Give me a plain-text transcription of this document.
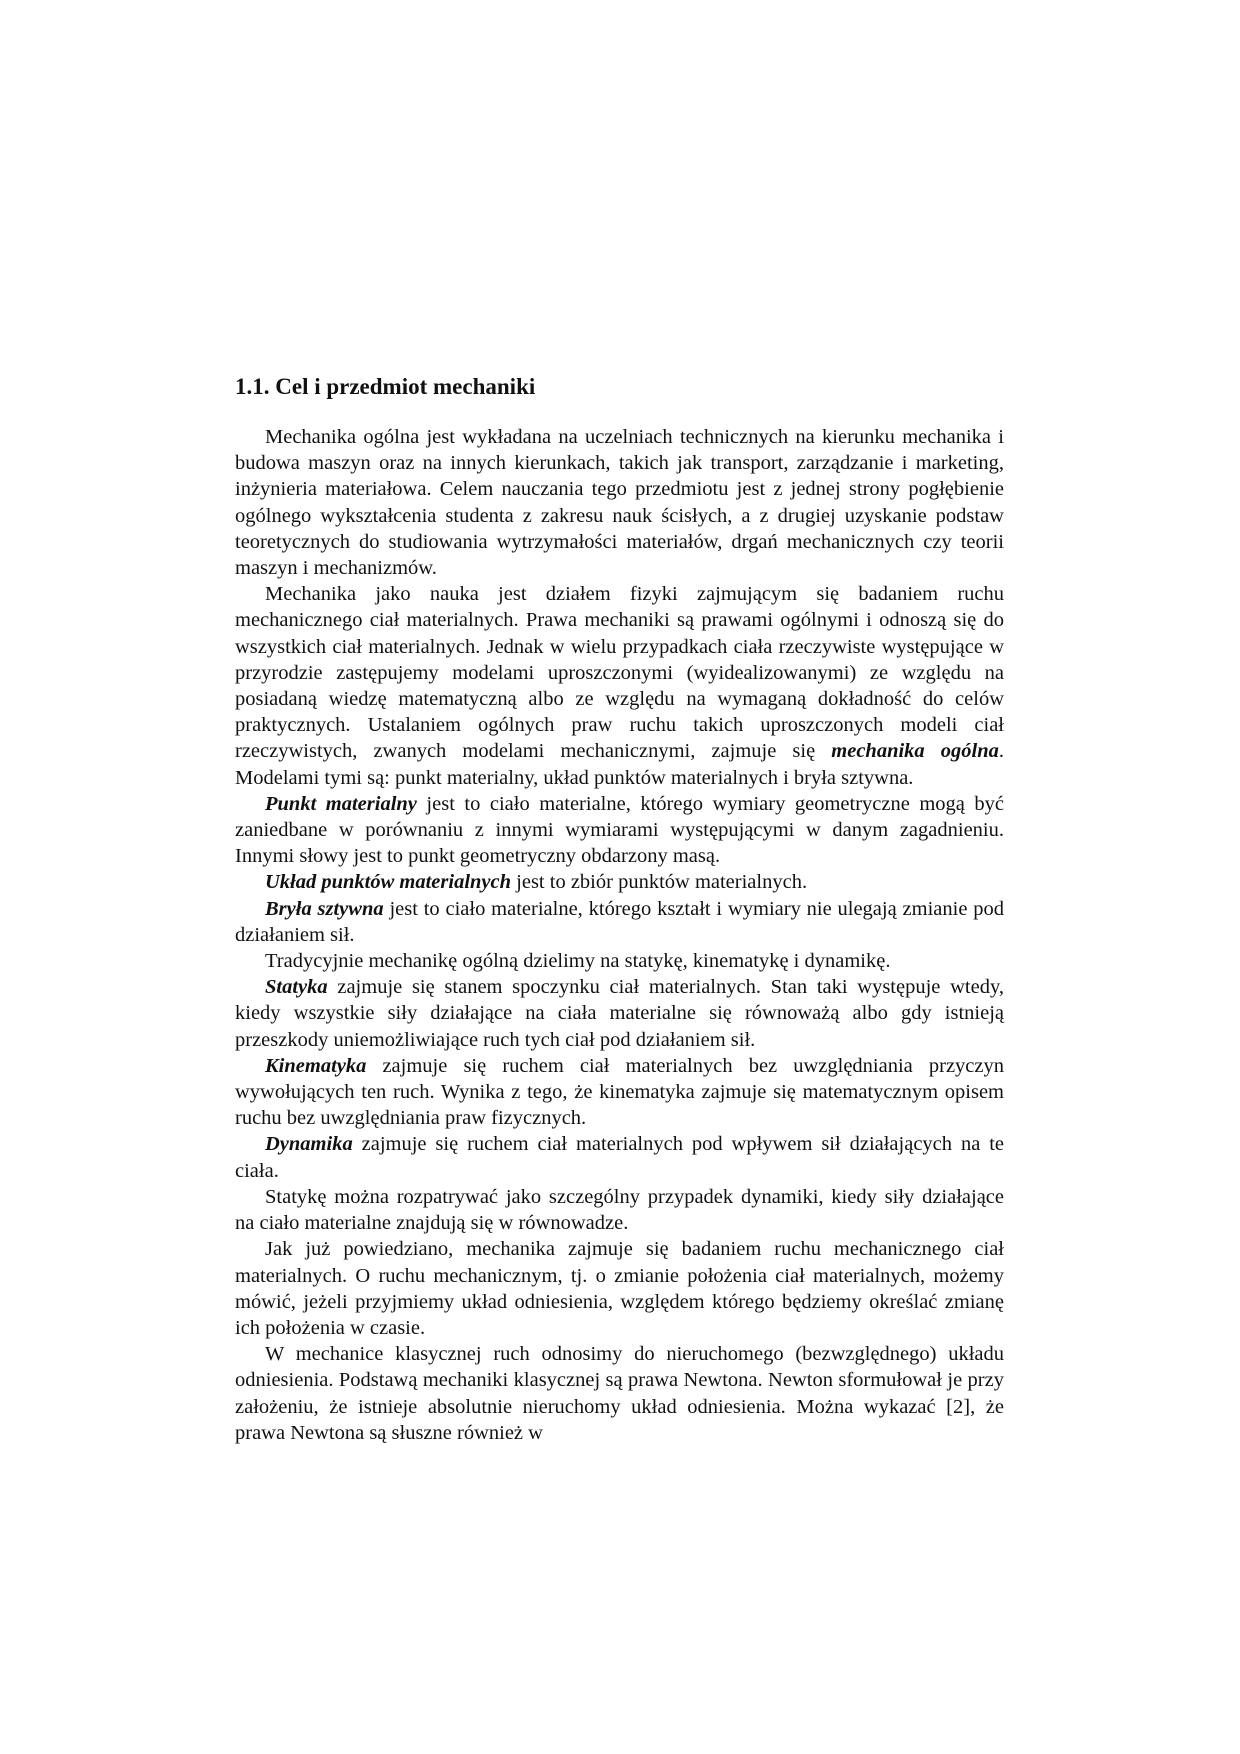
1.1. Cel i przedmiot mechaniki

Mechanika ogólna jest wykładana na uczelniach technicznych na kierunku mechanika i budowa maszyn oraz na innych kierunkach, takich jak transport, zarządzanie i marketing, inżynieria materiałowa. Celem nauczania tego przedmiotu jest z jednej strony pogłębienie ogólnego wykształcenia studenta z zakresu nauk ścisłych, a z drugiej uzyskanie podstaw teoretycznych do studiowania wytrzymałości materiałów, drgań mechanicznych czy teorii maszyn i mechanizmów.

Mechanika jako nauka jest działem fizyki zajmującym się badaniem ruchu mechanicznego ciał materialnych. Prawa mechaniki są prawami ogólnymi i odnoszą się do wszystkich ciał materialnych. Jednak w wielu przypadkach ciała rzeczywiste występujące w przyrodzie zastępujemy modelami uproszczonymi (wyidealizowanymi) ze względu na posiadaną wiedzę matematyczną albo ze względu na wymaganą dokładność do celów praktycznych. Ustalaniem ogólnych praw ruchu takich uproszczonych modeli ciał rzeczywistych, zwanych modelami mechanicznymi, zajmuje się mechanika ogólna. Modelami tymi są: punkt materialny, układ punktów materialnych i bryła sztywna.

Punkt materialny jest to ciało materialne, którego wymiary geometryczne mogą być zaniedbane w porównaniu z innymi wymiarami występującymi w danym zagadnieniu. Innymi słowy jest to punkt geometryczny obdarzony masą.

Układ punktów materialnych jest to zbiór punktów materialnych.

Bryła sztywna jest to ciało materialne, którego kształt i wymiary nie ulegają zmianie pod działaniem sił.

Tradycyjnie mechanikę ogólną dzielimy na statykę, kinematykę i dynamikę.

Statyka zajmuje się stanem spoczynku ciał materialnych. Stan taki występuje wtedy, kiedy wszystkie siły działające na ciała materialne się równoważą albo gdy istnieją przeszkody uniemożliwiające ruch tych ciał pod działaniem sił.

Kinematyka zajmuje się ruchem ciał materialnych bez uwzględniania przyczyn wywołujących ten ruch. Wynika z tego, że kinematyka zajmuje się matematycznym opisem ruchu bez uwzględniania praw fizycznych.

Dynamika zajmuje się ruchem ciał materialnych pod wpływem sił działających na te ciała.

Statykę można rozpatrywać jako szczególny przypadek dynamiki, kiedy siły działające na ciało materialne znajdują się w równowadze.

Jak już powiedziano, mechanika zajmuje się badaniem ruchu mechanicznego ciał materialnych. O ruchu mechanicznym, tj. o zmianie położenia ciał materialnych, możemy mówić, jeżeli przyjmiemy układ odniesienia, względem którego będziemy określać zmianę ich położenia w czasie.

W mechanice klasycznej ruch odnosimy do nieruchomego (bezwzględnego) układu odniesienia. Podstawą mechaniki klasycznej są prawa Newtona. Newton sformułował je przy założeniu, że istnieje absolutnie nieruchomy układ odniesienia. Można wykazać [2], że prawa Newtona są słuszne również w
